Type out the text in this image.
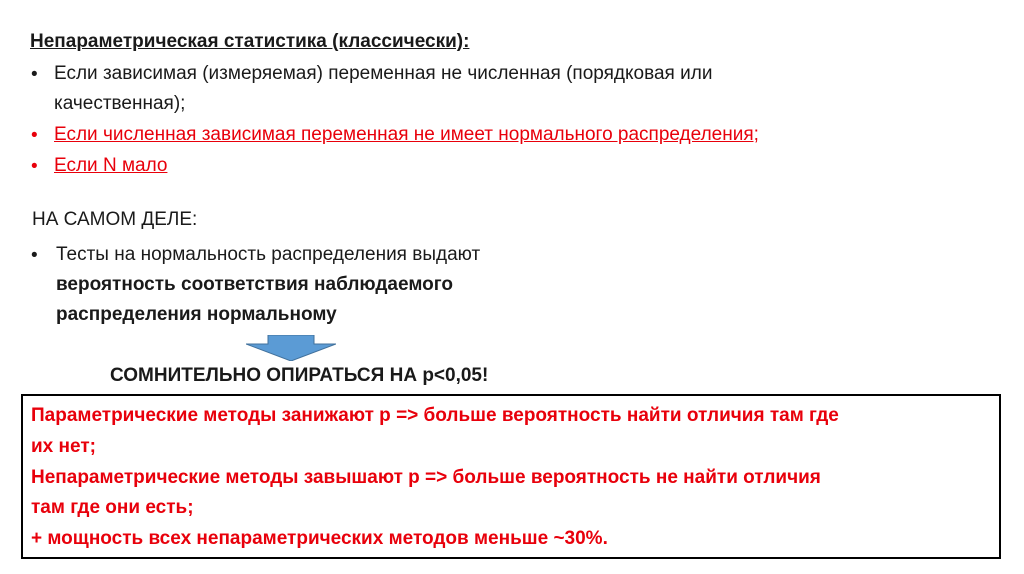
Непараметрическая статистика (классически):
• Если зависимая (измеряемая) переменная не численная (порядковая или
качественная);
• Если численная зависимая переменная не имеет нормального распределения;
• Если N мало
НА САМОМ ДЕЛЕ:
• Тесты на нормальность распределения выдают
вероятность соответствия наблюдаемого
распределения нормальному
СОМНИТЕЛЬНО ОПИРАТЬСЯ НА p<0,05!
Параметрические методы занижают p => больше вероятность найти отличия там где
их нет;
Непараметрические методы завышают p => больше вероятность не найти отличия
там где они есть;
+ мощность всех непараметрических методов меньше ~30%.
